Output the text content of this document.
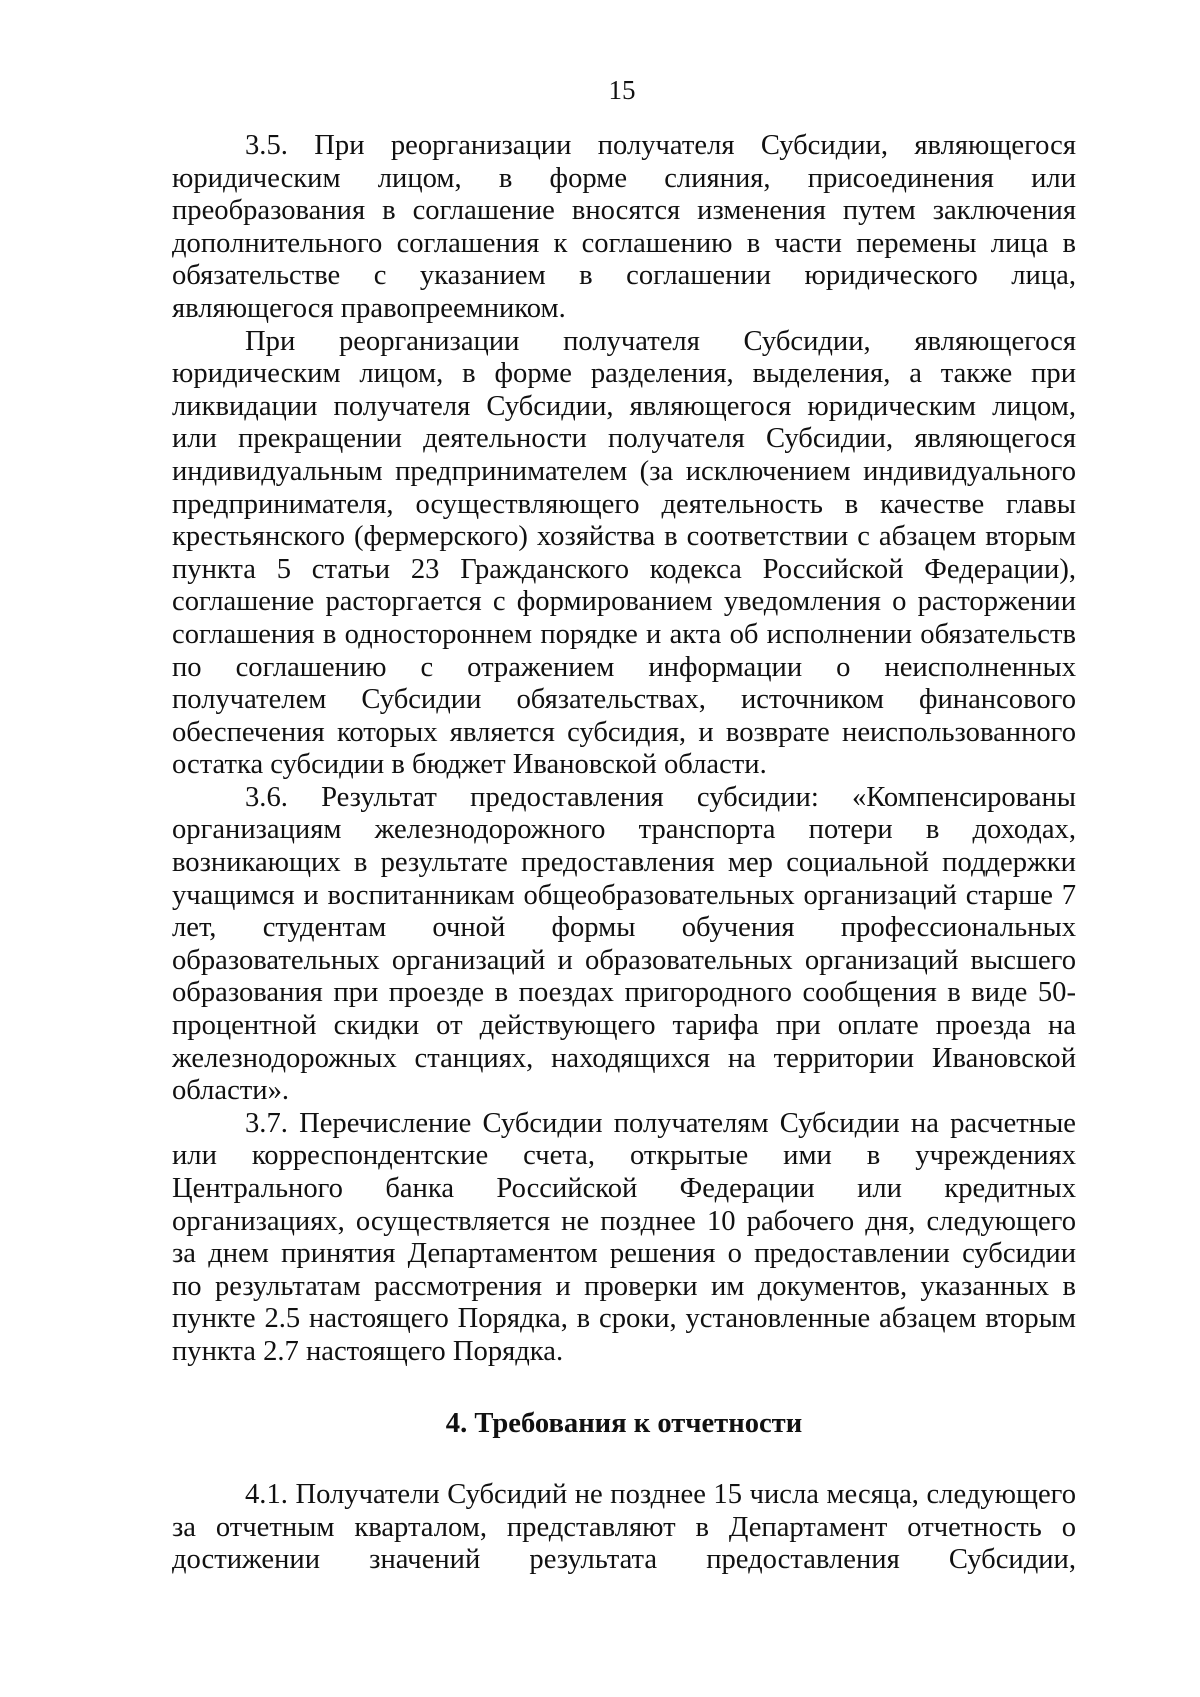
15

3.5. При реорганизации получателя Субсидии, являющегося юридическим лицом, в форме слияния, присоединения или преобразования в соглашение вносятся изменения путем заключения дополнительного соглашения к соглашению в части перемены лица в обязательстве с указанием в соглашении юридического лица, являющегося правопреемником.

При реорганизации получателя Субсидии, являющегося юридическим лицом, в форме разделения, выделения, а также при ликвидации получателя Субсидии, являющегося юридическим лицом, или прекращении деятельности получателя Субсидии, являющегося индивидуальным предпринимателем (за исключением индивидуального предпринимателя, осуществляющего деятельность в качестве главы крестьянского (фермерского) хозяйства в соответствии с абзацем вторым пункта 5 статьи 23 Гражданского кодекса Российской Федерации), соглашение расторгается с формированием уведомления о расторжении соглашения в одностороннем порядке и акта об исполнении обязательств по соглашению с отражением информации о неисполненных получателем Субсидии обязательствах, источником финансового обеспечения которых является субсидия, и возврате неиспользованного остатка субсидии в бюджет Ивановской области.

3.6. Результат предоставления субсидии: «Компенсированы организациям железнодорожного транспорта потери в доходах, возникающих в результате предоставления мер социальной поддержки учащимся и воспитанникам общеобразовательных организаций старше 7 лет, студентам очной формы обучения профессиональных образовательных организаций и образовательных организаций высшего образования при проезде в поездах пригородного сообщения в виде 50-процентной скидки от действующего тарифа при оплате проезда на железнодорожных станциях, находящихся на территории Ивановской области».

3.7. Перечисление Субсидии получателям Субсидии на расчетные или корреспондентские счета, открытые ими в учреждениях Центрального банка Российской Федерации или кредитных организациях, осуществляется не позднее 10 рабочего дня, следующего за днем принятия Департаментом решения о предоставлении субсидии по результатам рассмотрения и проверки им документов, указанных в пункте 2.5 настоящего Порядка, в сроки, установленные абзацем вторым пункта 2.7 настоящего Порядка.

4. Требования к отчетности

4.1. Получатели Субсидий не позднее 15 числа месяца, следующего за отчетным кварталом, представляют в Департамент отчетность о достижении значений результата предоставления Субсидии,
